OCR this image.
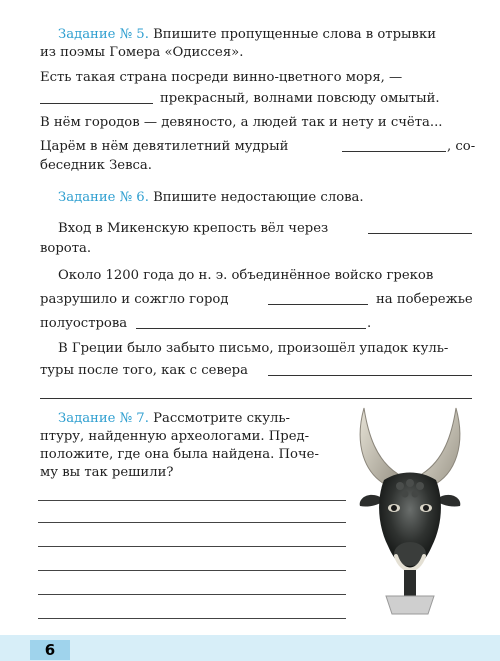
Задание № 5. Впишите пропущенные слова в отрывки
из поэмы Гомера «Одиссея».
Есть такая страна посреди винно-цветного моря, —
прекрасный, волнами повсюду омытый.
В нём городов — девяносто, а людей так и нету и счёта...
Царём в нём девятилетний мудрый	, со-
беседник Зевса.
Задание № 6. Впишите недостающие слова.
Вход в Микенскую крепость вёл через
ворота.
Около 1200 года до н. э. объединённое войско греков
разрушило и сожгло город	на побережье
полуострова	.
В Греции было забыто письмо, произошёл упадок куль-
туры после того, как с севера
Задание № 7. Рассмотрите скуль-
птуру, найденную археологами. Пред-
положите, где она была найдена. Поче-
му вы так решили?
6
